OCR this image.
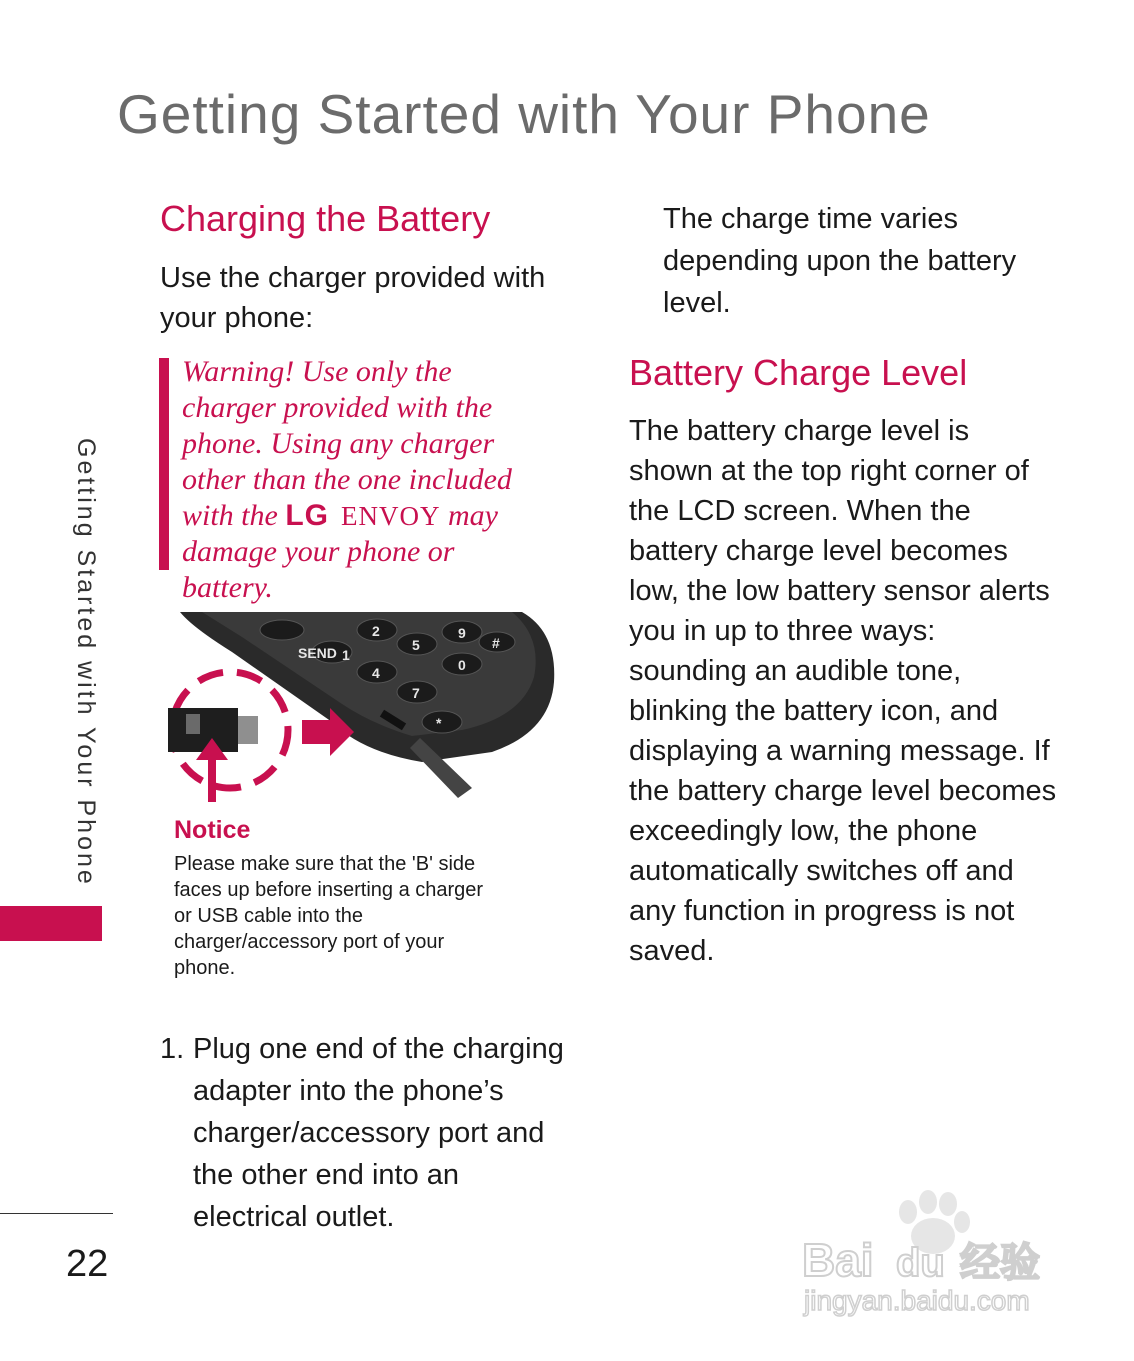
Getting Started with Your Phone
Getting Started with Your Phone
22
Charging the Battery
Use the charger provided with your phone:
Warning! Use only the charger provided with the phone. Using any charger other than the one included with the LG ENVOY may damage your phone or battery.
SEND 1
2
4
5
7
*
0
9
#
Notice
Please make sure that the 'B' side faces up before inserting a charger or USB cable into the charger/accessory port of your phone.
1. Plug one end of the charging adapter into the phone’s charger/accessory port and the other end into an electrical outlet.
The charge time varies depending upon the battery level.
Battery Charge Level
The battery charge level is shown at the top right corner of the LCD screen. When the battery charge level becomes low, the low battery sensor alerts you in up to three ways: sounding an audible tone, blinking the battery icon, and displaying a warning message. If the battery charge level becomes exceedingly low, the phone automatically switches off and any function in progress is not saved.
Bai du 经验
jingyan.baidu.com
